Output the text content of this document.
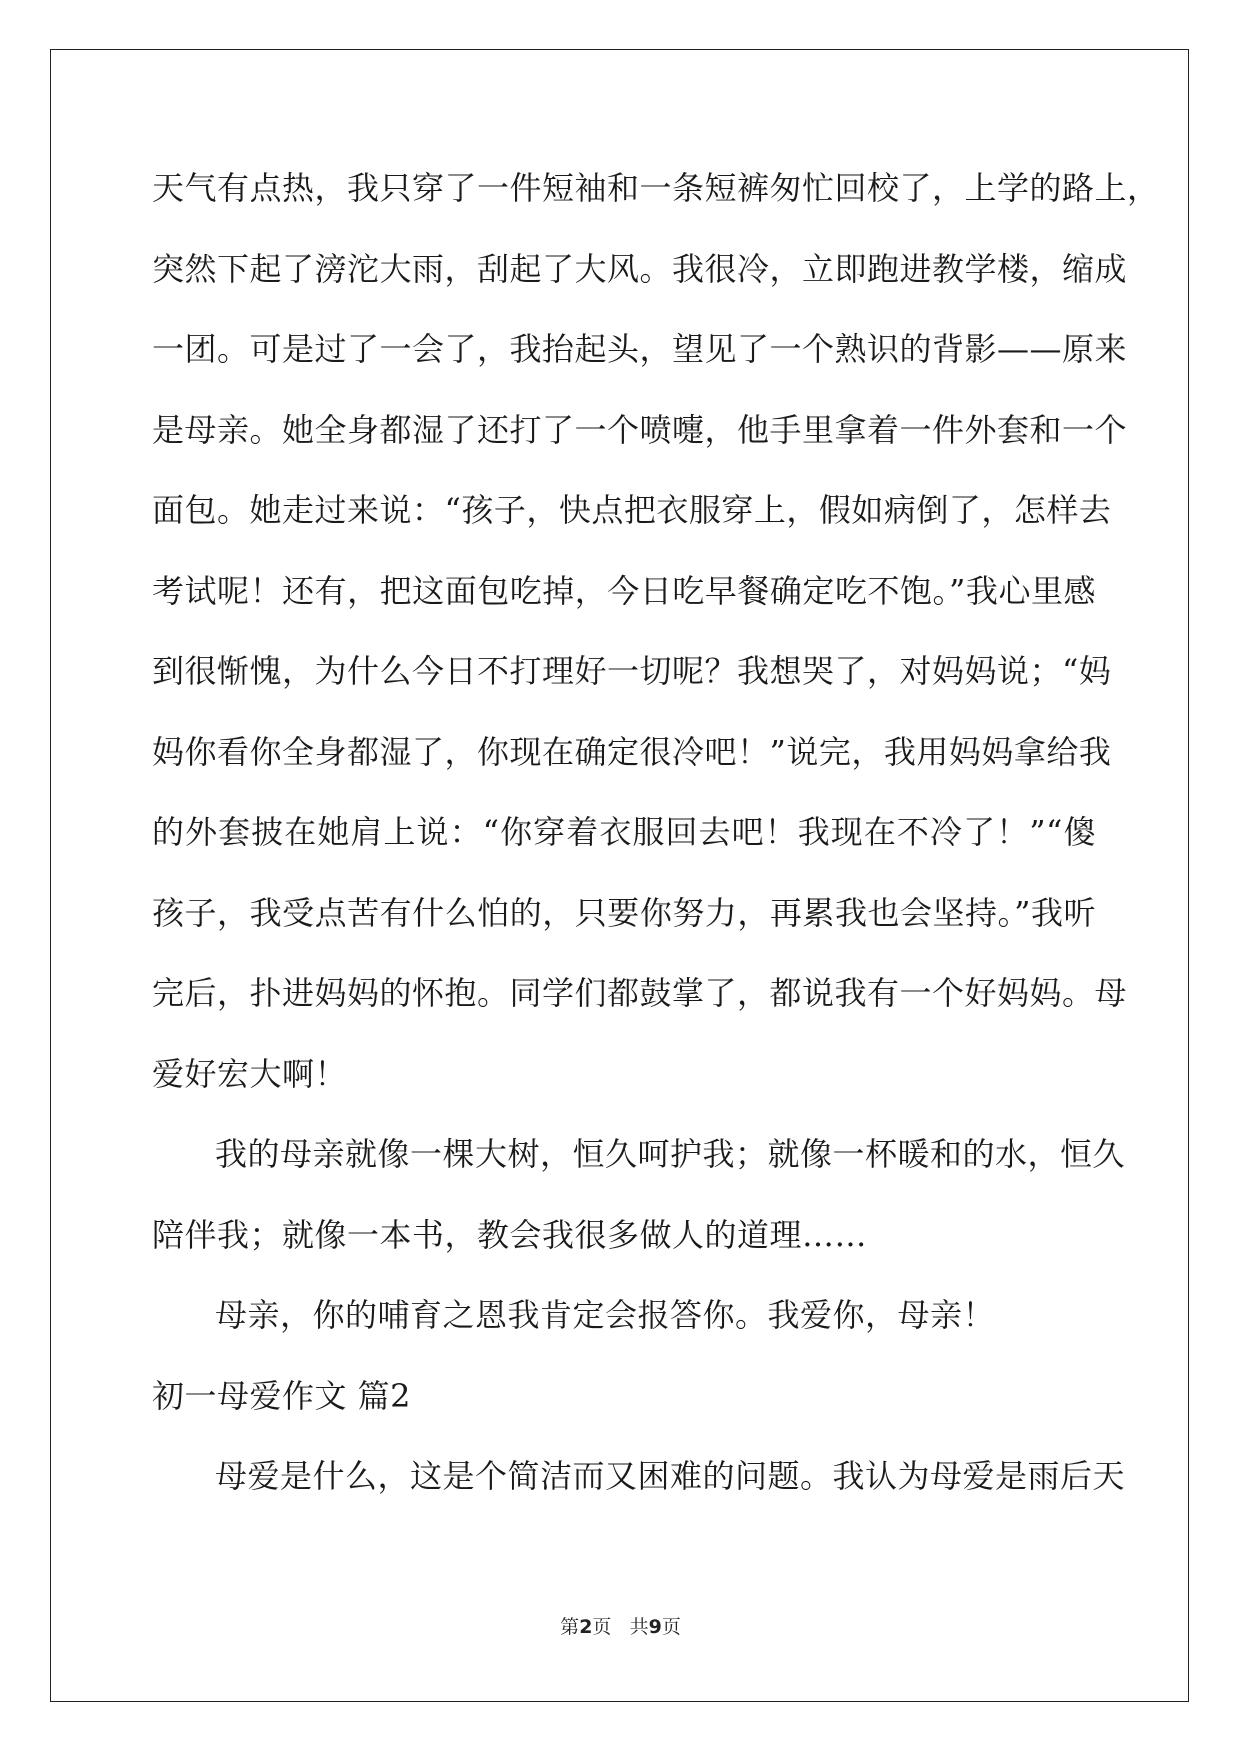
天气有点热，我只穿了一件短袖和一条短裤匆忙回校了，上学的路上，
突然下起了滂沱大雨，刮起了大风。我很冷，立即跑进教学楼，缩成
一团。可是过了一会了，我抬起头，望见了一个熟识的背影——原来
是母亲。她全身都湿了还打了一个喷嚏，他手里拿着一件外套和一个
面包。她走过来说：“孩子，快点把衣服穿上，假如病倒了，怎样去
考试呢！还有，把这面包吃掉，今日吃早餐确定吃不饱。”我心里感
到很惭愧，为什么今日不打理好一切呢？我想哭了，对妈妈说；“妈
妈你看你全身都湿了，你现在确定很冷吧！”说完，我用妈妈拿给我
的外套披在她肩上说：“你穿着衣服回去吧！我现在不冷了！”“傻
孩子，我受点苦有什么怕的，只要你努力，再累我也会坚持。”我听
完后，扑进妈妈的怀抱。同学们都鼓掌了，都说我有一个好妈妈。母
爱好宏大啊！
我的母亲就像一棵大树，恒久呵护我；就像一杯暖和的水，恒久
陪伴我；就像一本书，教会我很多做人的道理……
母亲，你的哺育之恩我肯定会报答你。我爱你，母亲！
初一母爱作文 篇2
母爱是什么，这是个简洁而又困难的问题。我认为母爱是雨后天
第2页 共9页
